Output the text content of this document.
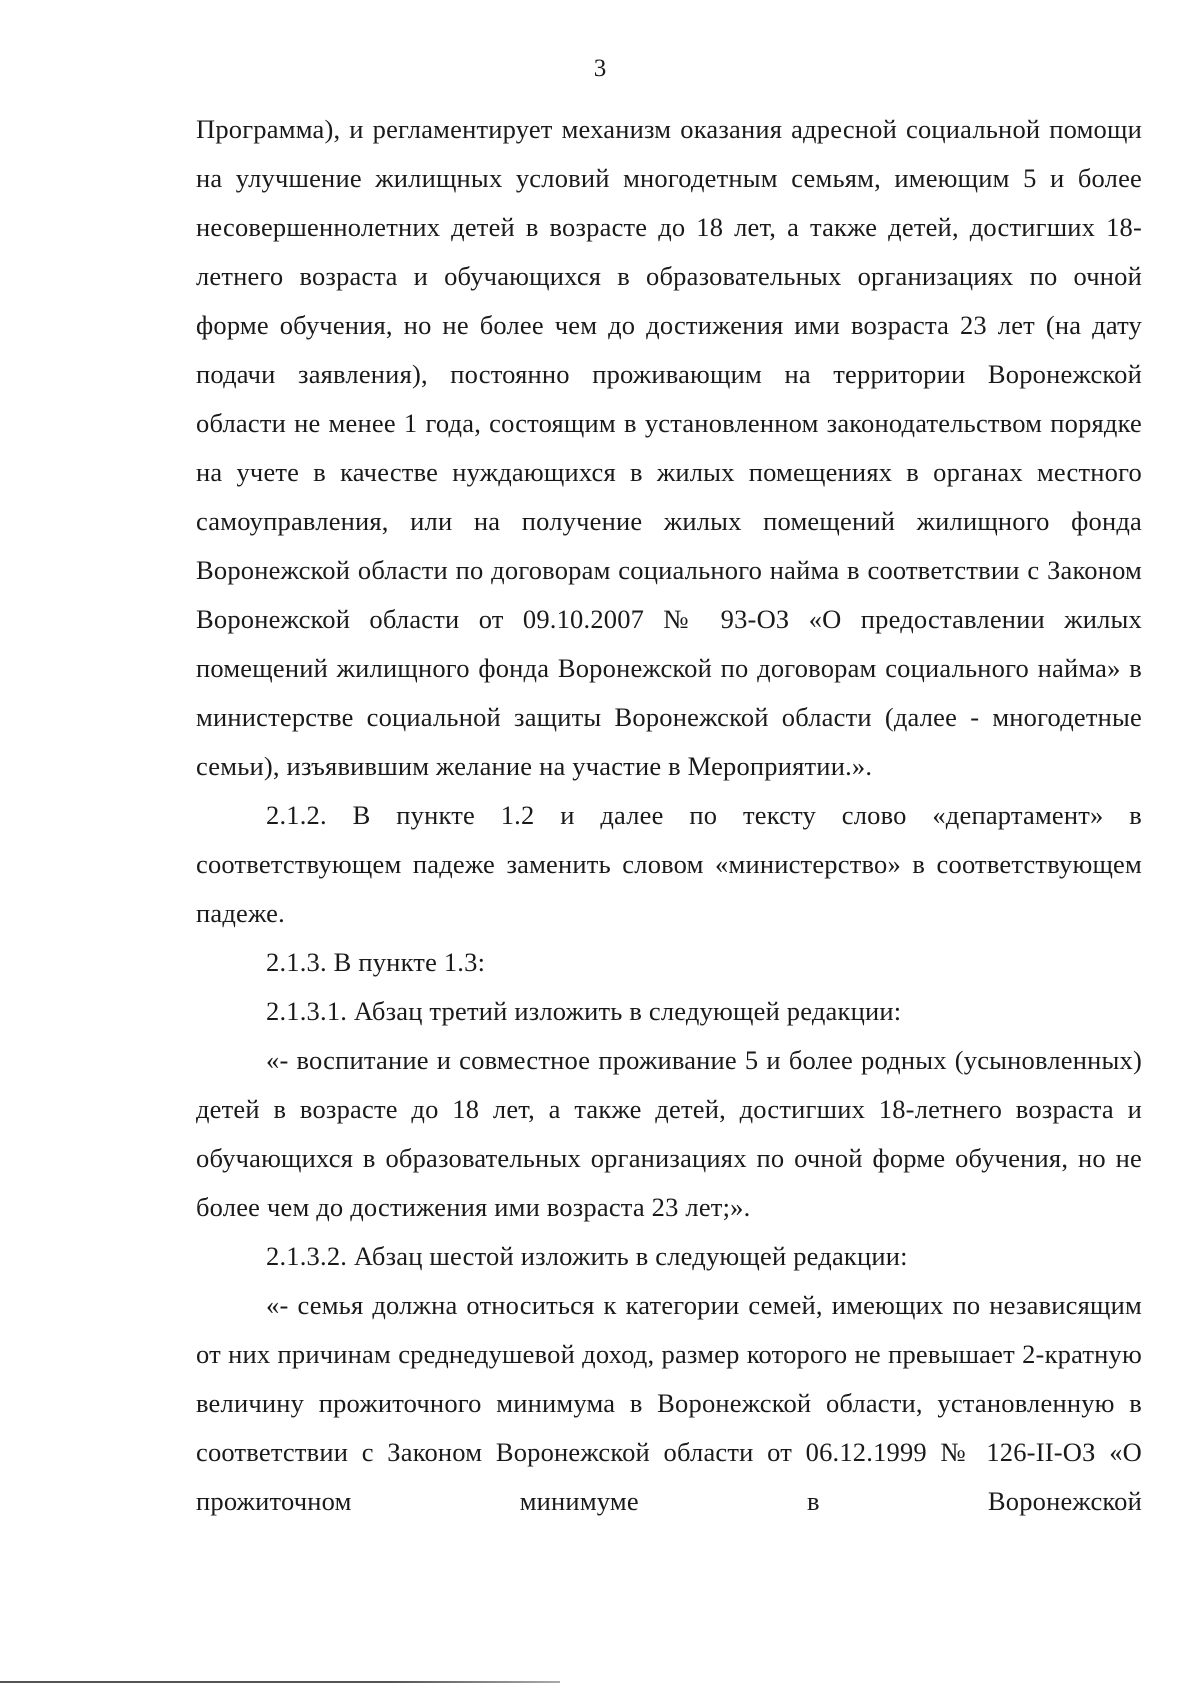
3

Программа), и регламентирует механизм оказания адресной социальной помощи на улучшение жилищных условий многодетным семьям, имеющим 5 и более несовершеннолетних детей в возрасте до 18 лет, а также детей, достигших 18-летнего возраста и обучающихся в образовательных организациях по очной форме обучения, но не более чем до достижения ими возраста 23 лет (на дату подачи заявления), постоянно проживающим на территории Воронежской области не менее 1 года, состоящим в установленном законодательством порядке на учете в качестве нуждающихся в жилых помещениях в органах местного самоуправления, или на получение жилых помещений жилищного фонда Воронежской области по договорам социального найма в соответствии с Законом Воронежской области от 09.10.2007 № 93-ОЗ «О предоставлении жилых помещений жилищного фонда Воронежской по договорам социального найма» в министерстве социальной защиты Воронежской области (далее - многодетные семьи), изъявившим желание на участие в Мероприятии.».

2.1.2. В пункте 1.2 и далее по тексту слово «департамент» в соответствующем падеже заменить словом «министерство» в соответствующем падеже.

2.1.3. В пункте 1.3:

2.1.3.1. Абзац третий изложить в следующей редакции:

«- воспитание и совместное проживание 5 и более родных (усыновленных) детей в возрасте до 18 лет, а также детей, достигших 18-летнего возраста и обучающихся в образовательных организациях по очной форме обучения, но не более чем до достижения ими возраста 23 лет;».

2.1.3.2. Абзац шестой изложить в следующей редакции:

«- семья должна относиться к категории семей, имеющих по независящим от них причинам среднедушевой доход, размер которого не превышает 2-кратную величину прожиточного минимума в Воронежской области, установленную в соответствии с Законом Воронежской области от 06.12.1999 № 126-II-ОЗ «О прожиточном минимуме в Воронежской
